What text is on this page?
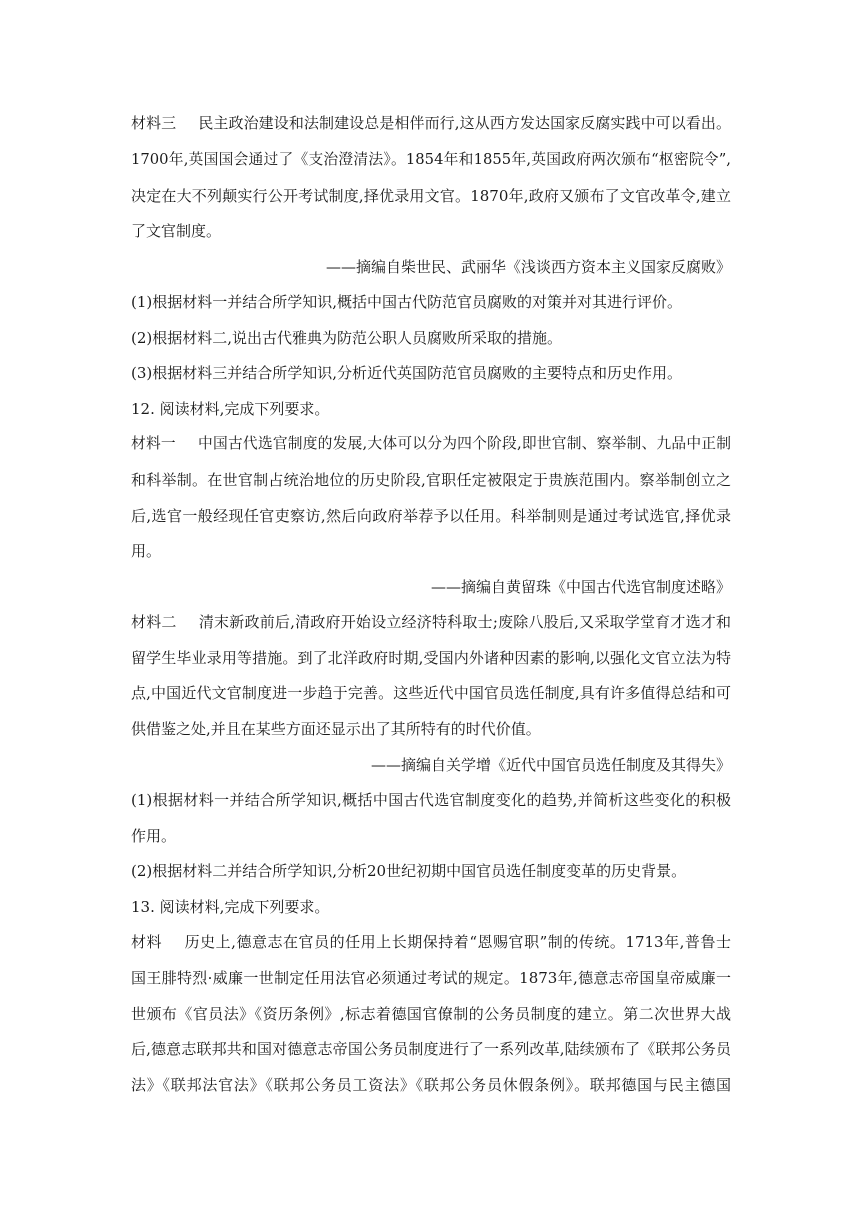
材料三 民主政治建设和法制建设总是相伴而行,这从西方发达国家反腐实践中可以看出。
1700年,英国国会通过了《支治澄清法》。1854年和1855年,英国政府两次颁布“枢密院令”,
决定在大不列颠实行公开考试制度,择优录用文官。1870年,政府又颁布了文官改革令,建立
了文官制度。
——摘编自柴世民、武丽华《浅谈西方资本主义国家反腐败》
(1)根据材料一并结合所学知识,概括中国古代防范官员腐败的对策并对其进行评价。
(2)根据材料二,说出古代雅典为防范公职人员腐败所采取的措施。
(3)根据材料三并结合所学知识,分析近代英国防范官员腐败的主要特点和历史作用。
12. 阅读材料,完成下列要求。
材料一 中国古代选官制度的发展,大体可以分为四个阶段,即世官制、察举制、九品中正制
和科举制。在世官制占统治地位的历史阶段,官职任定被限定于贵族范围内。察举制创立之
后,选官一般经现任官吏察访,然后向政府举荐予以任用。科举制则是通过考试选官,择优录
用。
——摘编自黄留珠《中国古代选官制度述略》
材料二 清末新政前后,清政府开始设立经济特科取士;废除八股后,又采取学堂育才选才和
留学生毕业录用等措施。到了北洋政府时期,受国内外诸种因素的影响,以强化文官立法为特
点,中国近代文官制度进一步趋于完善。这些近代中国官员选任制度,具有许多值得总结和可
供借鉴之处,并且在某些方面还显示出了其所特有的时代价值。
——摘编自关学增《近代中国官员选任制度及其得失》
(1)根据材料一并结合所学知识,概括中国古代选官制度变化的趋势,并简析这些变化的积极
作用。
(2)根据材料二并结合所学知识,分析20世纪初期中国官员选任制度变革的历史背景。
13. 阅读材料,完成下列要求。
材料 历史上,德意志在官员的任用上长期保持着“恩赐官职”制的传统。1713年,普鲁士
国王腓特烈·威廉一世制定任用法官必须通过考试的规定。1873年,德意志帝国皇帝威廉一
世颁布《官员法》《资历条例》,标志着德国官僚制的公务员制度的建立。第二次世界大战
后,德意志联邦共和国对德意志帝国公务员制度进行了一系列改革,陆续颁布了《联邦公务员
法》《联邦法官法》《联邦公务员工资法》《联邦公务员休假条例》。联邦德国与民主德国
